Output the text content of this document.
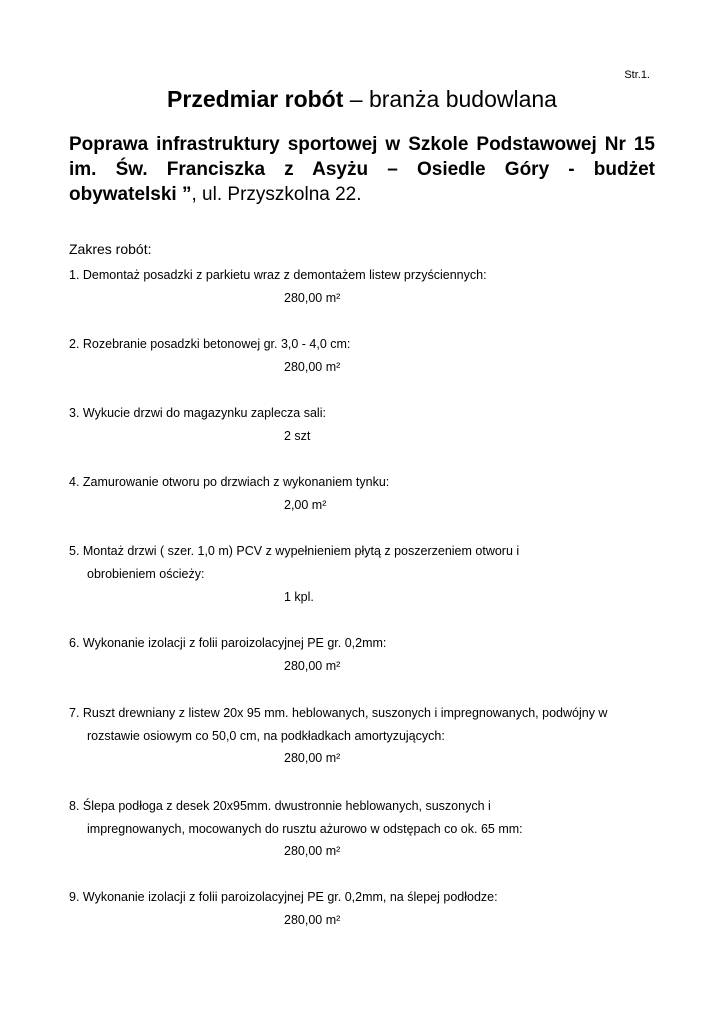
Str.1.
Przedmiar robót – branża budowlana
Poprawa infrastruktury sportowej w Szkole Podstawowej Nr 15
im. Św. Franciszka z Asyżu – Osiedle Góry - budżet
obywatelski ”, ul. Przyszkolna 22.
Zakres robót:
1. Demontaż posadzki z parkietu wraz z demontażem listew przyściennych:
280,00 m²
2. Rozebranie posadzki betonowej gr. 3,0 - 4,0 cm:
280,00 m²
3. Wykucie drzwi do magazynku zaplecza sali:
2 szt
4. Zamurowanie otworu po drzwiach z wykonaniem tynku:
2,00 m²
5. Montaż drzwi ( szer. 1,0 m) PCV z wypełnieniem płytą z poszerzeniem otworu i
obrobieniem ościeży:
1 kpl.
6. Wykonanie izolacji z folii paroizolacyjnej PE gr. 0,2mm:
280,00 m²
7. Ruszt drewniany z listew 20x 95 mm. heblowanych, suszonych i impregnowanych, podwójny w
rozstawie osiowym co 50,0 cm, na podkładkach amortyzujących:
280,00 m²
8. Ślepa podłoga z desek 20x95mm. dwustronnie heblowanych, suszonych i
impregnowanych, mocowanych do rusztu ażurowo w odstępach co ok. 65 mm:
280,00 m²
9. Wykonanie izolacji z folii paroizolacyjnej PE gr. 0,2mm, na ślepej podłodze:
280,00 m²
